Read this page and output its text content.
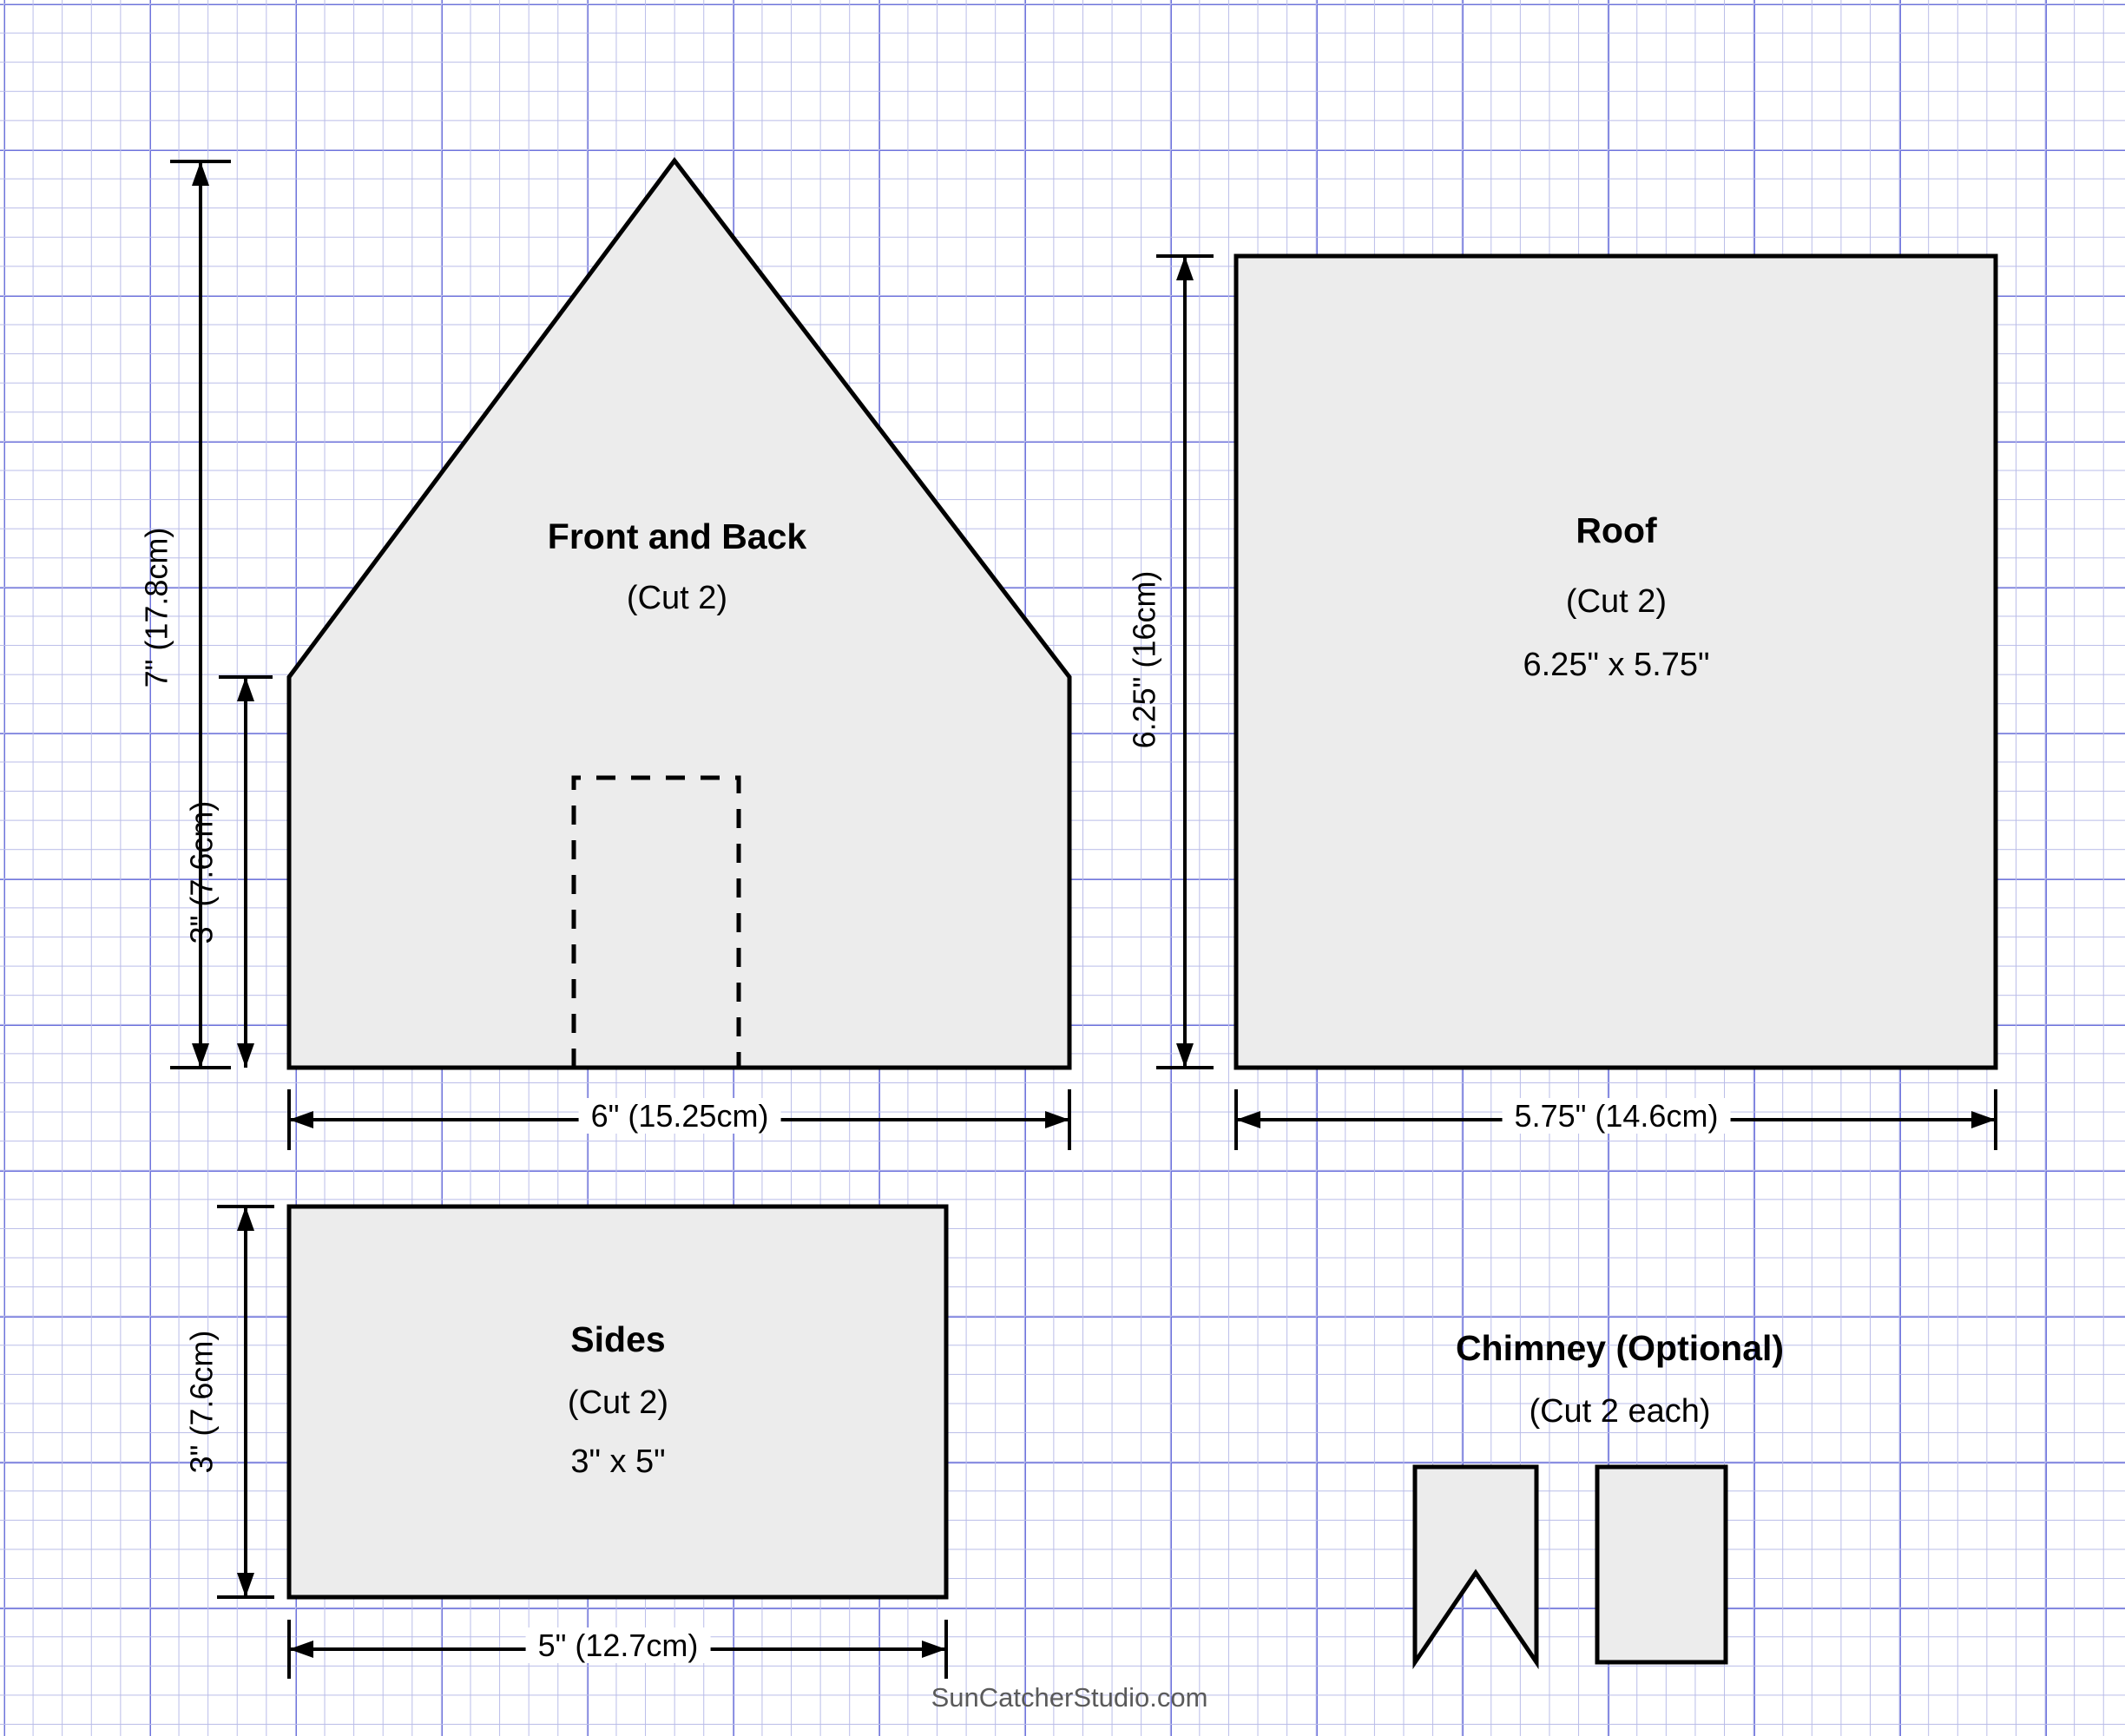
Front and Back
(Cut 2)
7" (17.8cm)
3" (7.6cm)
6" (15.25cm)
Roof
(Cut 2)
6.25" x 5.75"
6.25" (16cm)
5.75" (14.6cm)
Sides
(Cut 2)
3" x 5"
3" (7.6cm)
5" (12.7cm)
Chimney (Optional)
(Cut 2 each)
SunCatcherStudio.com
